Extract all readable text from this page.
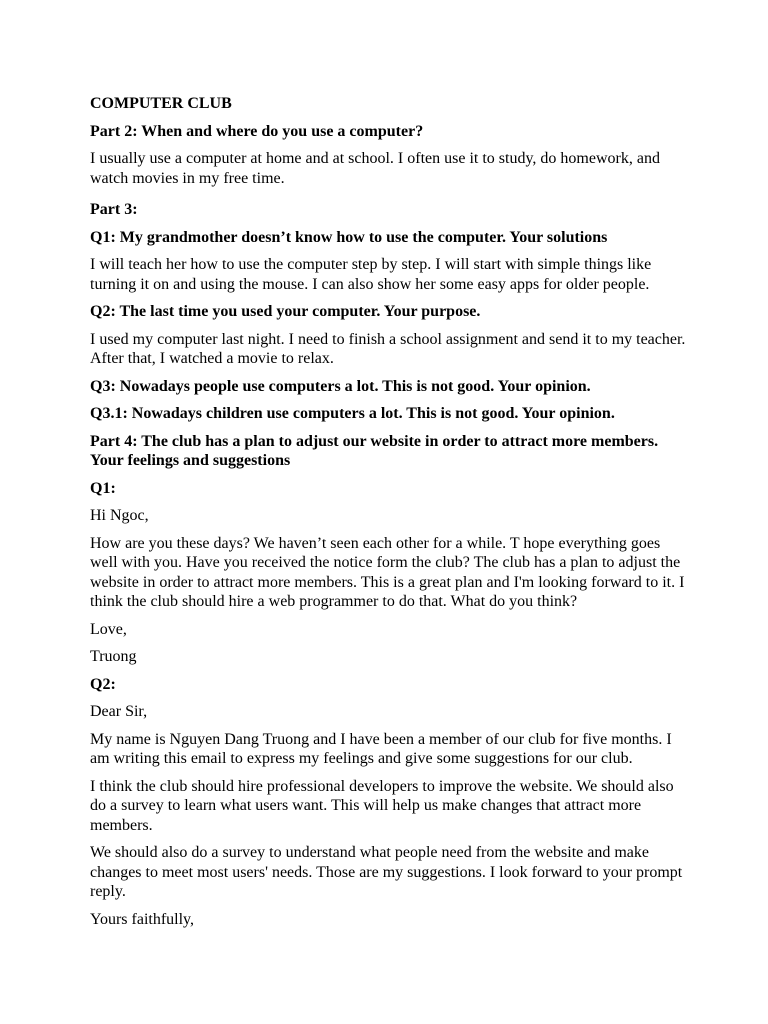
COMPUTER CLUB

Part 2: When and where do you use a computer?

I usually use a computer at home and at school. I often use it to study, do homework, and watch movies in my free time.

Part 3:

Q1: My grandmother doesn’t know how to use the computer. Your solutions

I will teach her how to use the computer step by step. I will start with simple things like turning it on and using the mouse. I can also show her some easy apps for older people.

Q2: The last time you used your computer. Your purpose.

I used my computer last night. I need to finish a school assignment and send it to my teacher. After that, I watched a movie to relax.

Q3: Nowadays people use computers a lot. This is not good. Your opinion.

Q3.1: Nowadays children use computers a lot. This is not good. Your opinion.

Part 4: The club has a plan to adjust our website in order to attract more members. Your feelings and suggestions

Q1:

Hi Ngoc,

How are you these days? We haven’t seen each other for a while. T hope everything goes well with you. Have you received the notice form the club? The club has a plan to adjust the website in order to attract more members. This is a great plan and I'm looking forward to it. I think the club should hire a web programmer to do that. What do you think?

Love,

Truong

Q2:

Dear Sir,

My name is Nguyen Dang Truong and I have been a member of our club for five months. I am writing this email to express my feelings and give some suggestions for our club.

I think the club should hire professional developers to improve the website. We should also do a survey to learn what users want. This will help us make changes that attract more members.

We should also do a survey to understand what people need from the website and make changes to meet most users' needs. Those are my suggestions. I look forward to your prompt reply.

Yours faithfully,
